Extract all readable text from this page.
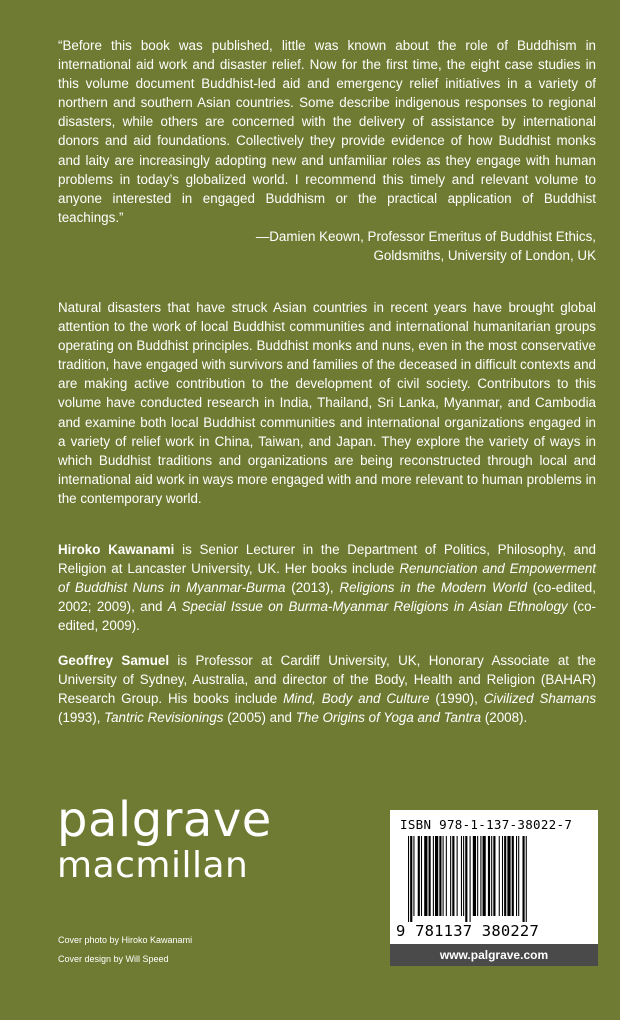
“Before this book was published, little was known about the role of Buddhism in international aid work and disaster relief. Now for the first time, the eight case studies in this volume document Buddhist-led aid and emergency relief initiatives in a variety of northern and southern Asian countries. Some describe indigenous responses to regional disasters, while others are concerned with the delivery of assistance by international donors and aid foundations. Collectively they provide evidence of how Buddhist monks and laity are increasingly adopting new and unfamiliar roles as they engage with human problems in today’s globalized world. I recommend this timely and relevant volume to anyone interested in engaged Buddhism or the practical application of Buddhist teachings.”
—Damien Keown, Professor Emeritus of Buddhist Ethics,
Goldsmiths, University of London, UK
Natural disasters that have struck Asian countries in recent years have brought global attention to the work of local Buddhist communities and international humanitarian groups operating on Buddhist principles. Buddhist monks and nuns, even in the most conservative tradition, have engaged with survivors and families of the deceased in difficult contexts and are making active contribution to the development of civil society. Contributors to this volume have conducted research in India, Thailand, Sri Lanka, Myanmar, and Cambodia and examine both local Buddhist communities and international organizations engaged in a variety of relief work in China, Taiwan, and Japan. They explore the variety of ways in which Buddhist traditions and organizations are being reconstructed through local and international aid work in ways more engaged with and more relevant to human problems in the contemporary world.
Hiroko Kawanami is Senior Lecturer in the Department of Politics, Philosophy, and Religion at Lancaster University, UK. Her books include Renunciation and Empowerment of Buddhist Nuns in Myanmar-Burma (2013), Religions in the Modern World (co-edited, 2002; 2009), and A Special Issue on Burma-Myanmar Religions in Asian Ethnology (co-edited, 2009).
Geoffrey Samuel is Professor at Cardiff University, UK, Honorary Associate at the University of Sydney, Australia, and director of the Body, Health and Religion (BAHAR) Research Group. His books include Mind, Body and Culture (1990), Civilized Shamans (1993), Tantric Revisionings (2005) and The Origins of Yoga and Tantra (2008).
palgrave
macmillan
Cover photo by Hiroko Kawanami
Cover design by Will Speed
ISBN 978-1-137-38022-7
9 781137 380227
www.palgrave.com
